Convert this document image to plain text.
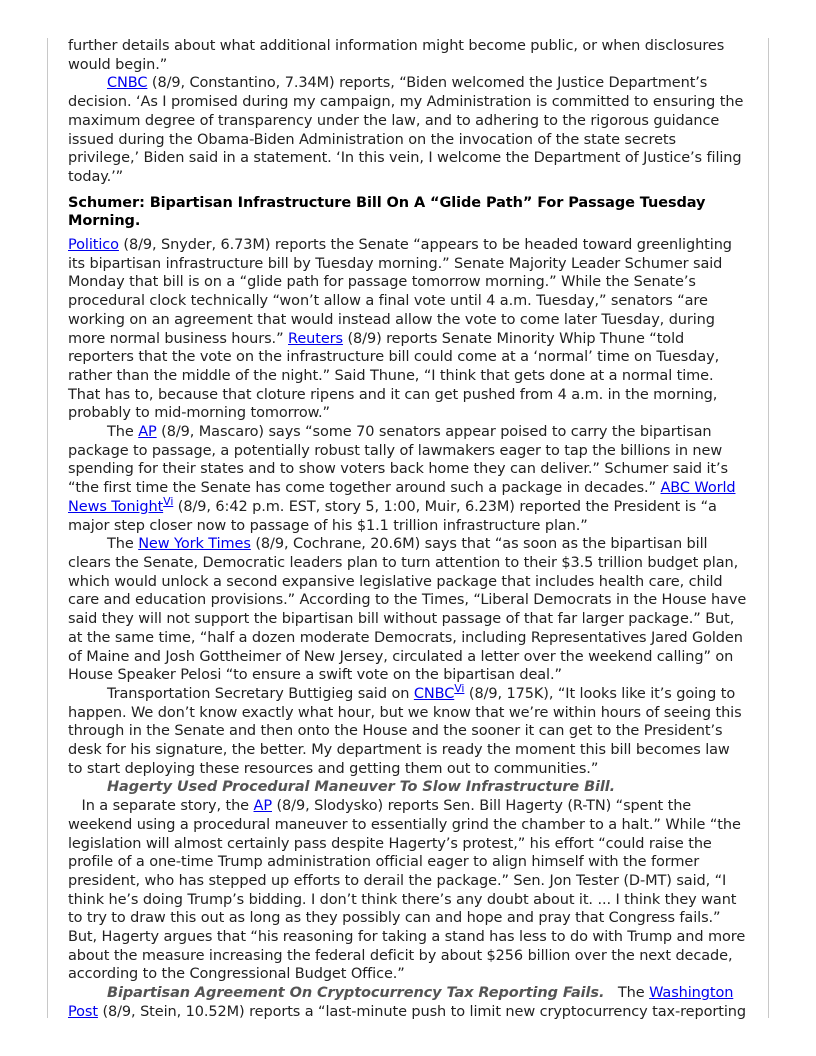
further details about what additional information might become public, or when disclosures would begin.”

CNBC (8/9, Constantino, 7.34M) reports, “Biden welcomed the Justice Department’s decision. ‘As I promised during my campaign, my Administration is committed to ensuring the maximum degree of transparency under the law, and to adhering to the rigorous guidance issued during the Obama-Biden Administration on the invocation of the state secrets privilege,’ Biden said in a statement. ‘In this vein, I welcome the Department of Justice’s filing today.’”

Schumer: Bipartisan Infrastructure Bill On A “Glide Path” For Passage Tuesday Morning.

Politico (8/9, Snyder, 6.73M) reports the Senate “appears to be headed toward greenlighting its bipartisan infrastructure bill by Tuesday morning.” Senate Majority Leader Schumer said Monday that bill is on a “glide path for passage tomorrow morning.” While the Senate’s procedural clock technically “won’t allow a final vote until 4 a.m. Tuesday,” senators “are working on an agreement that would instead allow the vote to come later Tuesday, during more normal business hours.” Reuters (8/9) reports Senate Minority Whip Thune “told reporters that the vote on the infrastructure bill could come at a ‘normal’ time on Tuesday, rather than the middle of the night.” Said Thune, “I think that gets done at a normal time. That has to, because that cloture ripens and it can get pushed from 4 a.m. in the morning, probably to mid-morning tomorrow.”

The AP (8/9, Mascaro) says “some 70 senators appear poised to carry the bipartisan package to passage, a potentially robust tally of lawmakers eager to tap the billions in new spending for their states and to show voters back home they can deliver.” Schumer said it’s “the first time the Senate has come together around such a package in decades.” ABC World News Tonight$^{Vi}$ (8/9, 6:42 p.m. EST, story 5, 1:00, Muir, 6.23M) reported the President is “a major step closer now to passage of his $1.1 trillion infrastructure plan.”

The New York Times (8/9, Cochrane, 20.6M) says that “as soon as the bipartisan bill clears the Senate, Democratic leaders plan to turn attention to their $3.5 trillion budget plan, which would unlock a second expansive legislative package that includes health care, child care and education provisions.” According to the Times, “Liberal Democrats in the House have said they will not support the bipartisan bill without passage of that far larger package.” But, at the same time, “half a dozen moderate Democrats, including Representatives Jared Golden of Maine and Josh Gottheimer of New Jersey, circulated a letter over the weekend calling” on House Speaker Pelosi “to ensure a swift vote on the bipartisan deal.”

Transportation Secretary Buttigieg said on CNBC$^{Vi}$ (8/9, 175K), “It looks like it’s going to happen. We don’t know exactly what hour, but we know that we’re within hours of seeing this through in the Senate and then onto the House and the sooner it can get to the President’s desk for his signature, the better. My department is ready the moment this bill becomes law to start deploying these resources and getting them out to communities.”

Hagerty Used Procedural Maneuver To Slow Infrastructure Bill.   In a separate story, the AP (8/9, Slodysko) reports Sen. Bill Hagerty (R-TN) “spent the weekend using a procedural maneuver to essentially grind the chamber to a halt.” While “the legislation will almost certainly pass despite Hagerty’s protest,” his effort “could raise the profile of a one-time Trump administration official eager to align himself with the former president, who has stepped up efforts to derail the package.” Sen. Jon Tester (D-MT) said, “I think he’s doing Trump’s bidding. I don’t think there’s any doubt about it. ... I think they want to try to draw this out as long as they possibly can and hope and pray that Congress fails.” But, Hagerty argues that “his reasoning for taking a stand has less to do with Trump and more about the measure increasing the federal deficit by about $256 billion over the next decade, according to the Congressional Budget Office.”

Bipartisan Agreement On Cryptocurrency Tax Reporting Fails.   The Washington Post (8/9, Stein, 10.52M) reports a “last-minute push to limit new cryptocurrency tax-reporting
